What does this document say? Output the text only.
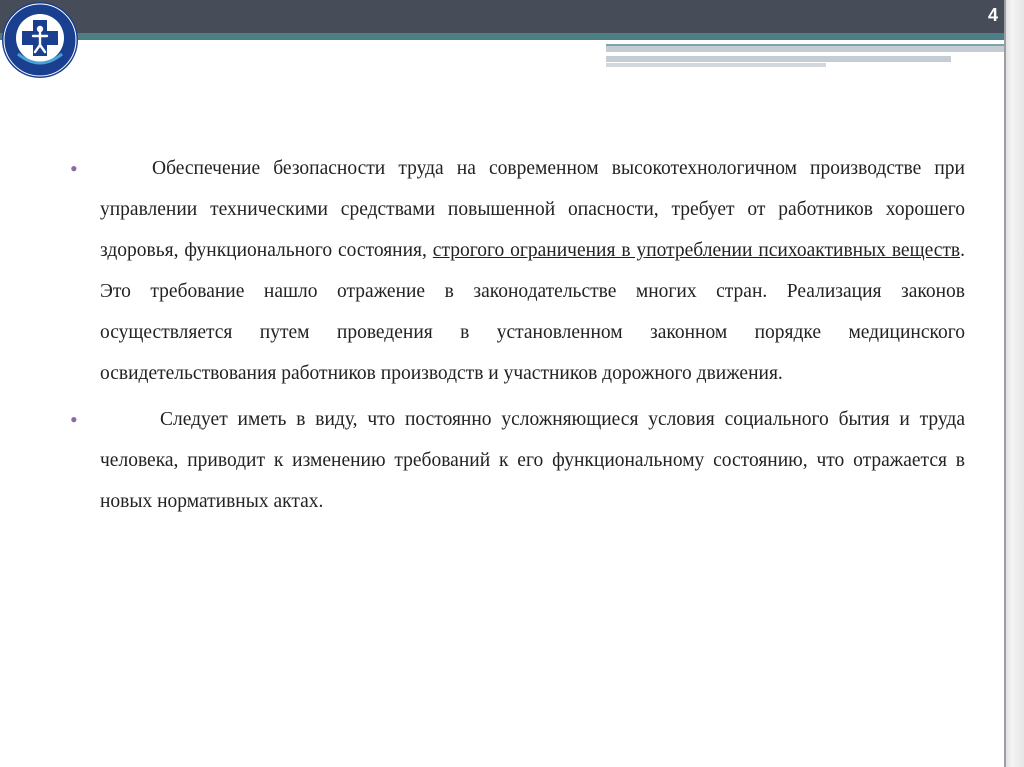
4
•	Обеспечение безопасности труда на современном высокотехнологичном производстве при управлении техническими средствами повышенной опасности, требует от работников хорошего здоровья, функционального состояния, строгого ограничения в употреблении психоактивных веществ. Это требование нашло отражение в законодательстве многих стран. Реализация законов осуществляется путем проведения в установленном законном порядке медицинского освидетельствования работников производств и участников дорожного движения.

•	Следует иметь в виду, что постоянно усложняющиеся условия социального бытия и труда человека, приводит к изменению требований к его функциональному состоянию, что отражается в новых нормативных актах.
